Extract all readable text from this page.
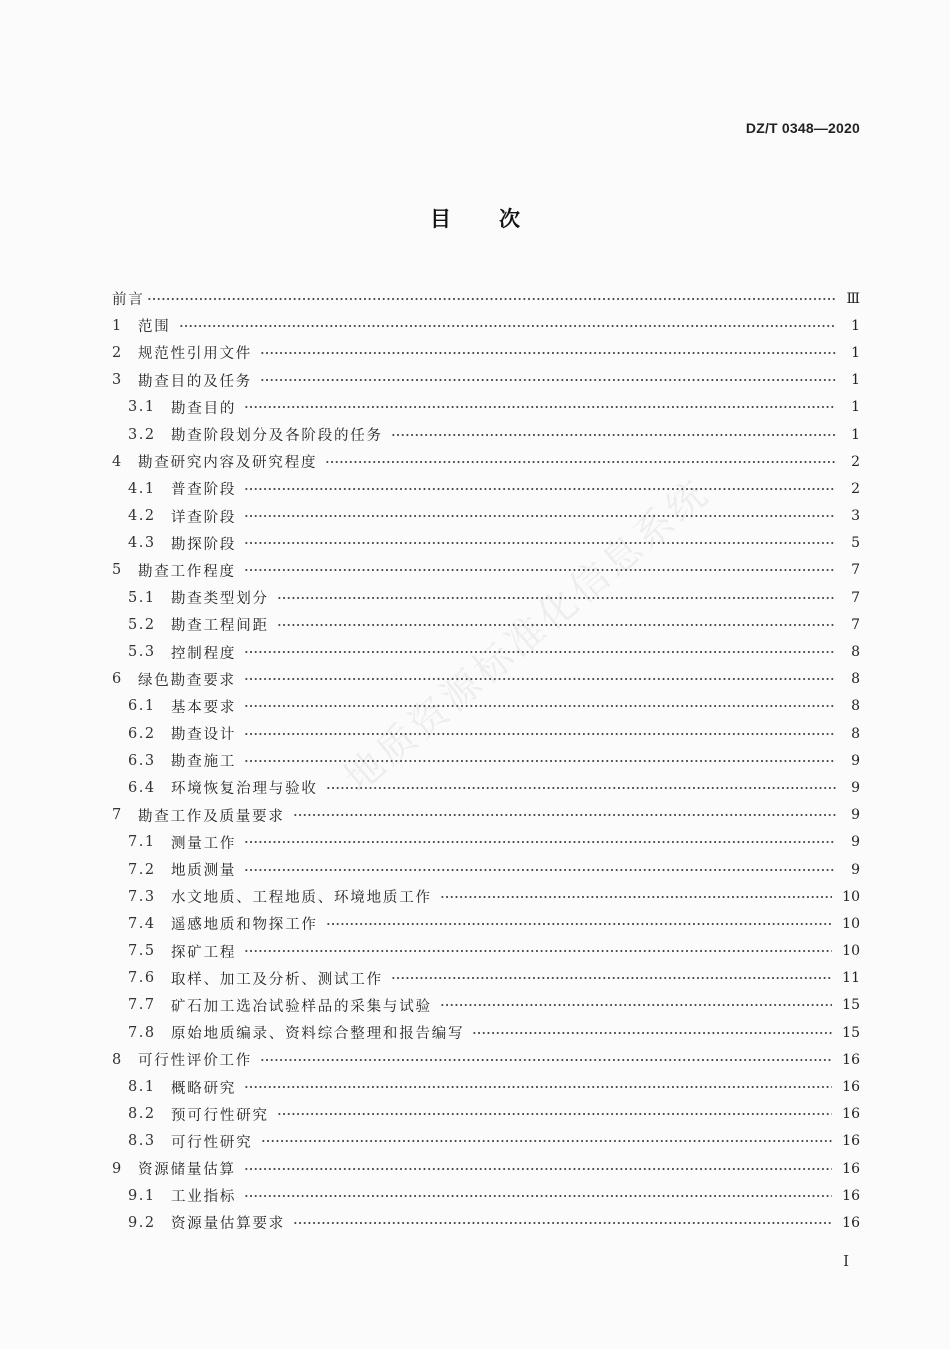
地质资源标准化信息系统
DZ/T 0348—2020
目次
前言	Ⅲ
1	范围	1
2	规范性引用文件	1
3	勘查目的及任务	1
3.1	勘查目的	1
3.2	勘查阶段划分及各阶段的任务	1
4	勘查研究内容及研究程度	2
4.1	普查阶段	2
4.2	详查阶段	3
4.3	勘探阶段	5
5	勘查工作程度	7
5.1	勘查类型划分	7
5.2	勘查工程间距	7
5.3	控制程度	8
6	绿色勘查要求	8
6.1	基本要求	8
6.2	勘查设计	8
6.3	勘查施工	9
6.4	环境恢复治理与验收	9
7	勘查工作及质量要求	9
7.1	测量工作	9
7.2	地质测量	9
7.3	水文地质、工程地质、环境地质工作	10
7.4	遥感地质和物探工作	10
7.5	探矿工程	10
7.6	取样、加工及分析、测试工作	11
7.7	矿石加工选冶试验样品的采集与试验	15
7.8	原始地质编录、资料综合整理和报告编写	15
8	可行性评价工作	16
8.1	概略研究	16
8.2	预可行性研究	16
8.3	可行性研究	16
9	资源储量估算	16
9.1	工业指标	16
9.2	资源量估算要求	16
I
